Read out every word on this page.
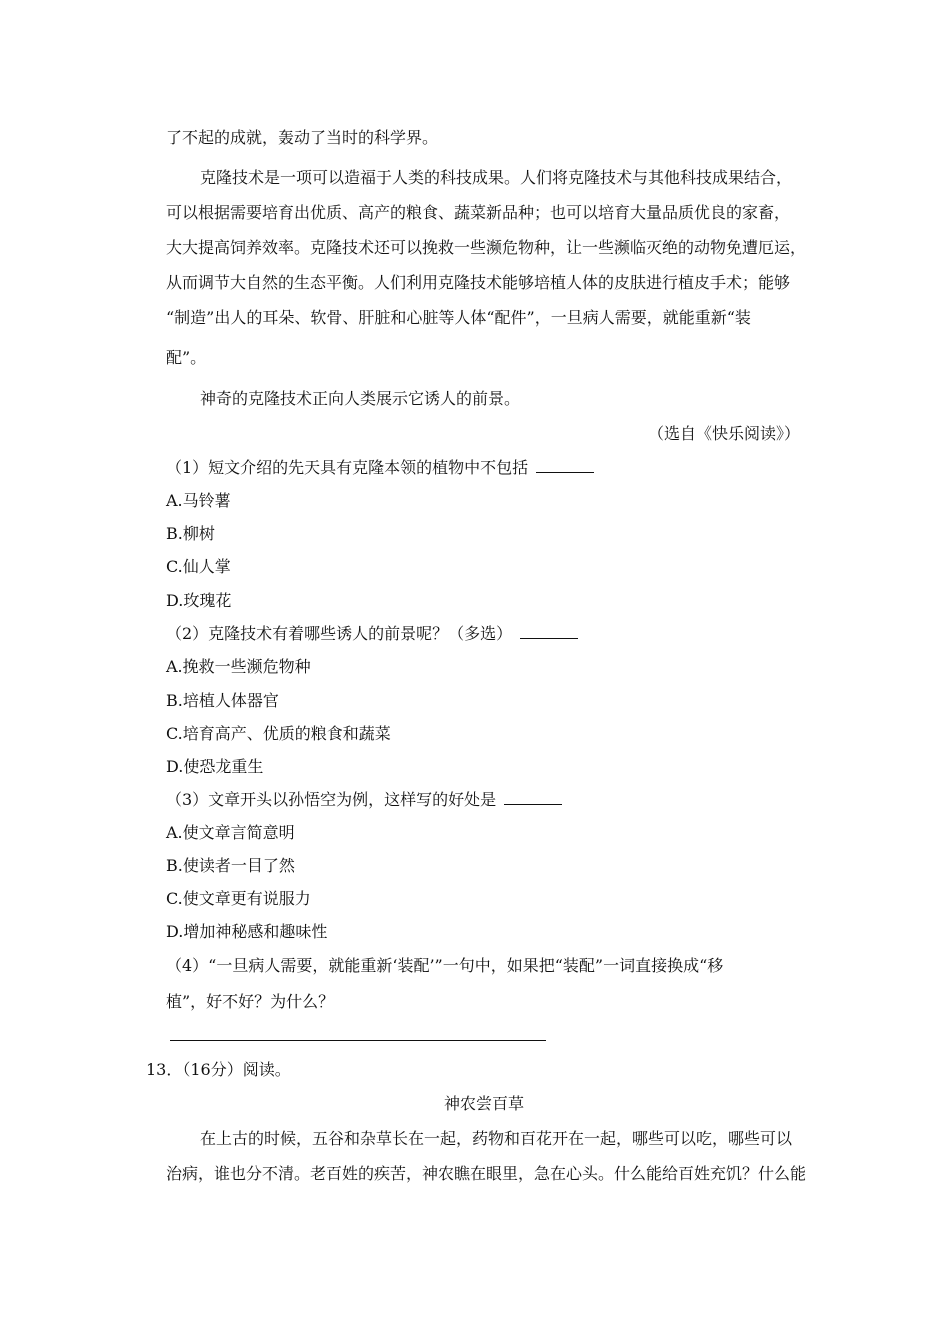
了不起的成就，轰动了当时的科学界。
克隆技术是一项可以造福于人类的科技成果。人们将克隆技术与其他科技成果结合，
可以根据需要培育出优质、高产的粮食、蔬菜新品种；也可以培育大量品质优良的家畜，
大大提高饲养效率。克隆技术还可以挽救一些濒危物种，让一些濒临灭绝的动物免遭厄运，
从而调节大自然的生态平衡。人们利用克隆技术能够培植人体的皮肤进行植皮手术；能够
“制造”出人的耳朵、软骨、肝脏和心脏等人体“配件”，一旦病人需要，就能重新“装
配”。
神奇的克隆技术正向人类展示它诱人的前景。
（选自《快乐阅读》）
（1）短文介绍的先天具有克隆本领的植物中不包括
A.马铃薯
B.柳树
C.仙人掌
D.玫瑰花
（2）克隆技术有着哪些诱人的前景呢？（多选）
A.挽救一些濒危物种
B.培植人体器官
C.培育高产、优质的粮食和蔬菜
D.使恐龙重生
（3）文章开头以孙悟空为例，这样写的好处是
A.使文章言简意明
B.使读者一目了然
C.使文章更有说服力
D.增加神秘感和趣味性
（4）“一旦病人需要，就能重新‘装配’”一句中，如果把“装配”一词直接换成“移
植”，好不好？为什么？
13．（16分）阅读。
神农尝百草
在上古的时候，五谷和杂草长在一起，药物和百花开在一起，哪些可以吃，哪些可以
治病，谁也分不清。老百姓的疾苦，神农瞧在眼里，急在心头。什么能给百姓充饥？什么能
